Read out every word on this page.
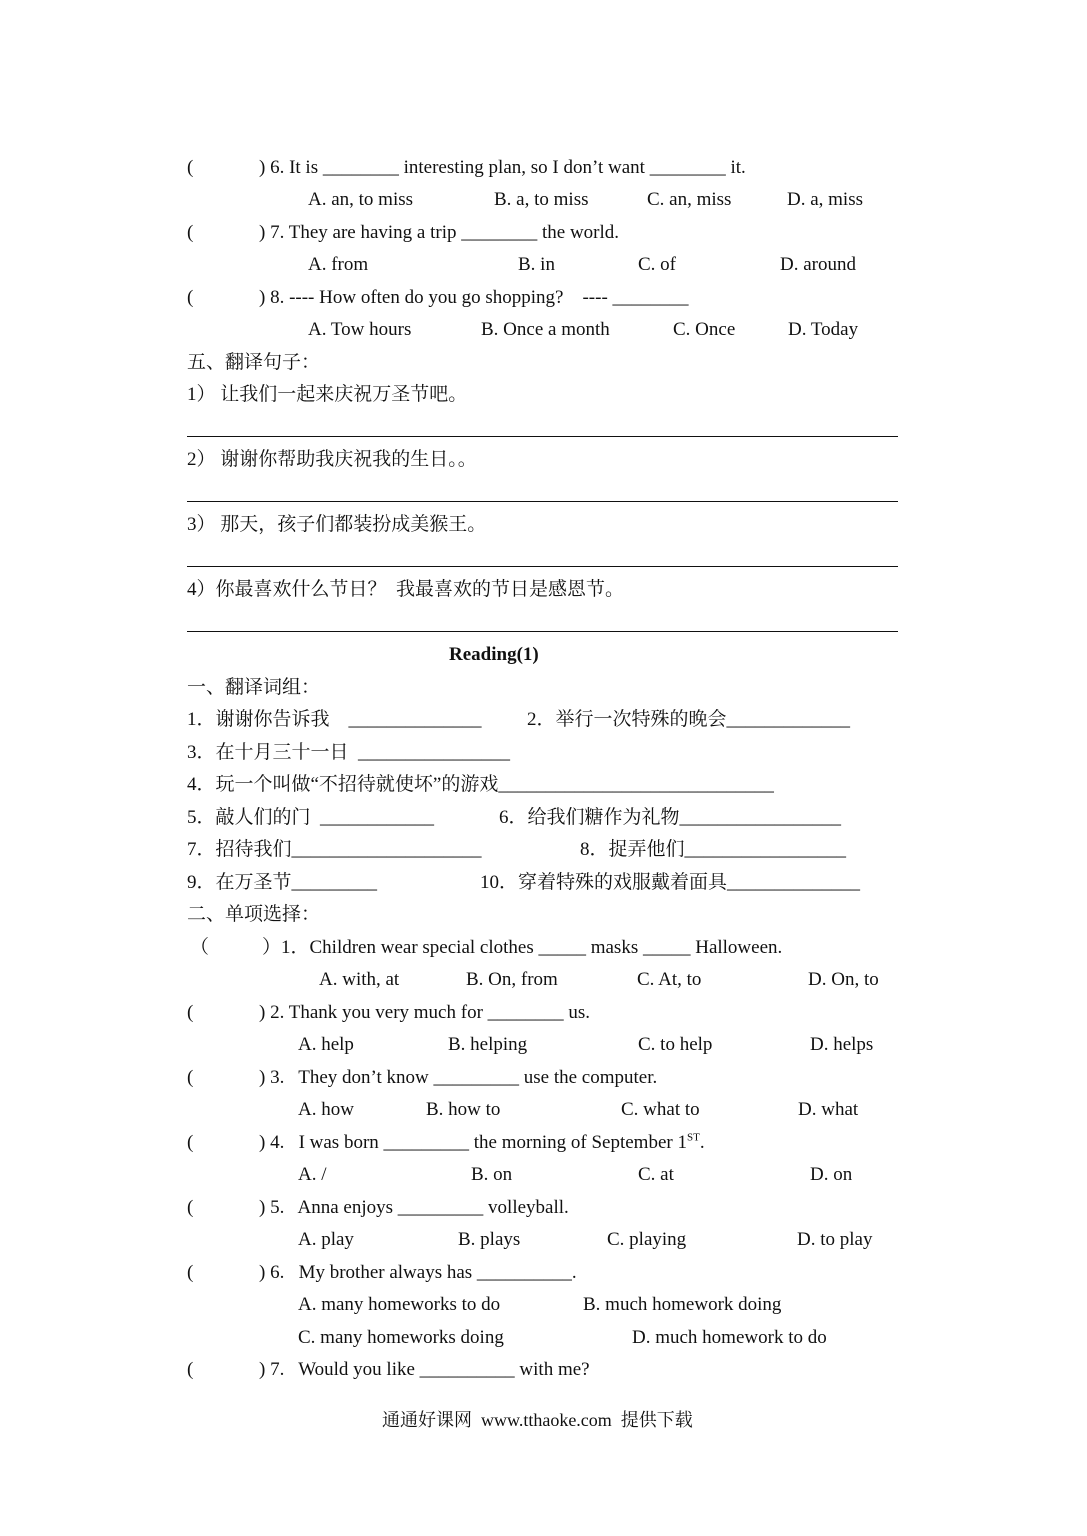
(	) 6. It is ________ interesting plan, so I don’t want ________ it.
A. an, to miss	B. a, to miss	C. an, miss	D. a, miss
(	) 7. They are having a trip ________ the world.
A. from	B. in	C. of	D. around
(	) 8. ---- How often do you go shopping?    ---- ________
A. Tow hours	B. Once a month	C. Once	D. Today
五、翻译句子：
1） 让我们一起来庆祝万圣节吧。
2） 谢谢你帮助我庆祝我的生日。。
3） 那天，孩子们都装扮成美猴王。
4）你最喜欢什么节日？  我最喜欢的节日是感恩节。
Reading(1)
一、翻译词组：
1．谢谢你告诉我    ______________ 2．举行一次特殊的晚会_____________
3．在十月三十一日  ________________
4．玩一个叫做“不招待就使坏”的游戏_____________________________
5．敲人们的门  ____________	6．给我们糖作为礼物_________________
7．招待我们____________________	8．捉弄他们_________________
9．在万圣节_________	10．穿着特殊的戏服戴着面具______________
二、单项选择：
（	）1．Children wear special clothes _____ masks _____ Halloween.
A. with, at	B. On, from	C. At, to	D. On, to
(	) 2. Thank you very much for ________ us.
A. help	B. helping	C. to help	D. helps
(	) 3.   They don’t know _________ use the computer.
A. how	B. how to	C. what to	D. what
(	) 4.   I was born _________ the morning of September 1ST.
A. /	B. on	C. at	D. on
(	) 5.   Anna enjoys _________ volleyball.
A. play	B. plays	C. playing	D. to play
(	) 6.   My brother always has __________.
A. many homeworks to do	B. much homework doing
C. many homeworks doing	D. much homework to do
(	) 7.   Would you like __________ with me?
通通好课网  www.tthaoke.com  提供下载
